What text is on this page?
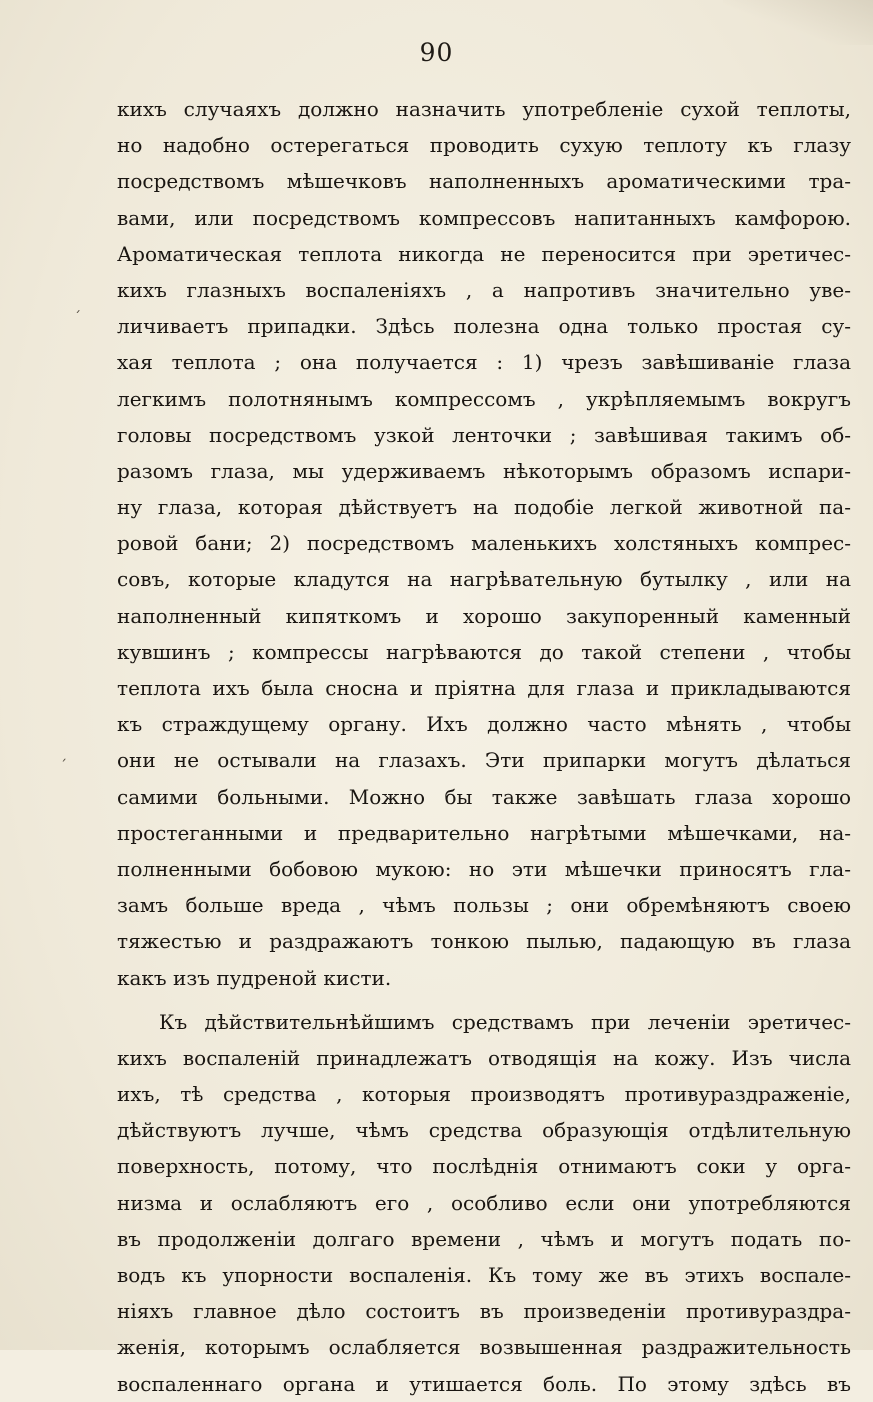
90
кихъ случаяхъ должно назначить употребленіе сухой теплоты,
но надобно остерегаться проводить сухую теплоту къ глазу
посредствомъ мѣшечковъ наполненныхъ ароматическими тра-
вами, или посредствомъ компрессовъ напитанныхъ камфорою.
Ароматическая теплота никогда не переносится при эретичес-
кихъ глазныхъ воспаленіяхъ , а напротивъ значительно уве-
личиваетъ припадки. Здѣсь полезна одна только простая су-
хая теплота ; она получается : 1) чрезъ завѣшиваніе глаза
легкимъ полотнянымъ компрессомъ , укрѣпляемымъ вокругъ
головы посредствомъ узкой ленточки ; завѣшивая такимъ об-
разомъ глаза, мы удерживаемъ нѣкоторымъ образомъ испари-
ну глаза, которая дѣйствуетъ на подобіе легкой животной па-
ровой бани; 2) посредствомъ маленькихъ холстяныхъ компрес-
совъ, которые кладутся на нагрѣвательную бутылку , или на
наполненный кипяткомъ и хорошо закупоренный каменный
кувшинъ ; компрессы нагрѣваются до такой степени , чтобы
теплота ихъ была сносна и пріятна для глаза и прикладываются
къ страждущему органу. Ихъ должно часто мѣнять , чтобы
они не остывали на глазахъ. Эти припарки могутъ дѣлаться
самими больными. Можно бы также завѣшать глаза хорошо
простеганными и предварительно нагрѣтыми мѣшечками, на-
полненными бобовою мукою: но эти мѣшечки приносятъ гла-
замъ больше вреда , чѣмъ пользы ; они обремѣняютъ своею
тяжестью и раздражаютъ тонкою пылью, падающую въ глаза
какъ изъ пудреной кисти.
Къ дѣйствительнѣйшимъ средствамъ при леченіи эретичес-
кихъ воспаленій принадлежатъ отводящія на кожу. Изъ числа
ихъ, тѣ средства , которыя производятъ противураздраженіе,
дѣйствуютъ лучше, чѣмъ средства образующія отдѣлительную
поверхность, потому, что послѣднія отнимаютъ соки у орга-
низма и ослабляютъ его , особливо если они употребляются
въ продолженіи долгаго времени , чѣмъ и могутъ подать по-
водъ къ упорности воспаленія. Къ тому же въ этихъ воспале-
ніяхъ главное дѣло состоитъ въ произведеніи противураздра-
женія, которымъ ослабляется возвышенная раздражительность
воспаленнаго органа и утишается боль. По этому здѣсь въ
ˊ
ˏ
